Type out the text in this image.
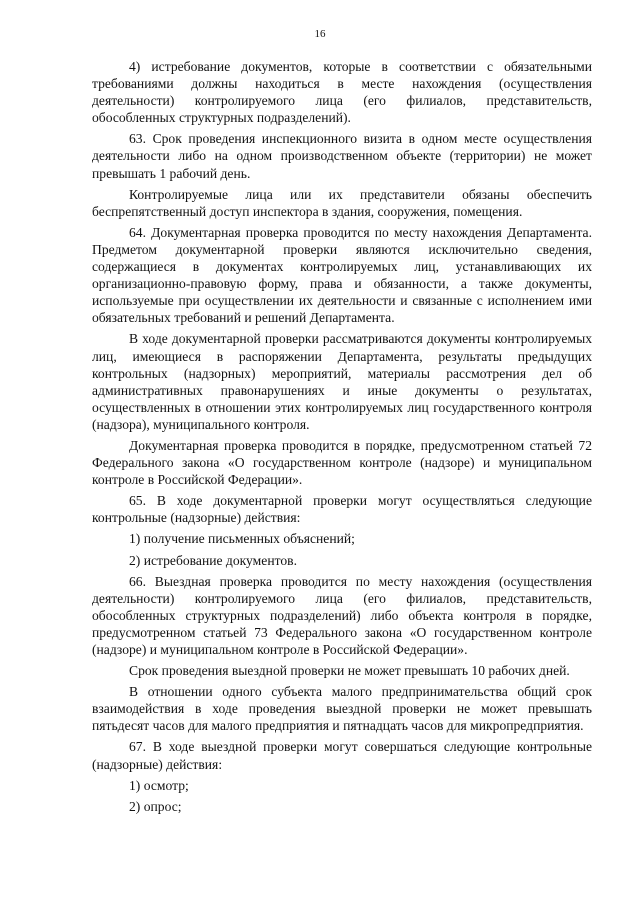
16

4) истребование документов, которые в соответствии с обязательными требованиями должны находиться в месте нахождения (осуществления деятельности) контролируемого лица (его филиалов, представительств, обособленных структурных подразделений).

63. Срок проведения инспекционного визита в одном месте осуществления деятельности либо на одном производственном объекте (территории) не может превышать 1 рабочий день.

Контролируемые лица или их представители обязаны обеспечить беспрепятственный доступ инспектора в здания, сооружения, помещения.

64. Документарная проверка проводится по месту нахождения Департамента. Предметом документарной проверки являются исключительно сведения, содержащиеся в документах контролируемых лиц, устанавливающих их организационно-правовую форму, права и обязанности, а также документы, используемые при осуществлении их деятельности и связанные с исполнением ими обязательных требований и решений Департамента.

В ходе документарной проверки рассматриваются документы контролируемых лиц, имеющиеся в распоряжении Департамента, результаты предыдущих контрольных (надзорных) мероприятий, материалы рассмотрения дел об административных правонарушениях и иные документы о результатах, осуществленных в отношении этих контролируемых лиц государственного контроля (надзора), муниципального контроля.

Документарная проверка проводится в порядке, предусмотренном статьей 72 Федерального закона «О государственном контроле (надзоре) и муниципальном контроле в Российской Федерации».

65. В ходе документарной проверки могут осуществляться следующие контрольные (надзорные) действия:

1) получение письменных объяснений;

2) истребование документов.

66. Выездная проверка проводится по месту нахождения (осуществления деятельности) контролируемого лица (его филиалов, представительств, обособленных структурных подразделений) либо объекта контроля в порядке, предусмотренном статьей 73 Федерального закона «О государственном контроле (надзоре) и муниципальном контроле в Российской Федерации».

Срок проведения выездной проверки не может превышать 10 рабочих дней.

В отношении одного субъекта малого предпринимательства общий срок взаимодействия в ходе проведения выездной проверки не может превышать пятьдесят часов для малого предприятия и пятнадцать часов для микропредприятия.

67. В ходе выездной проверки могут совершаться следующие контрольные (надзорные) действия:

1) осмотр;

2) опрос;
